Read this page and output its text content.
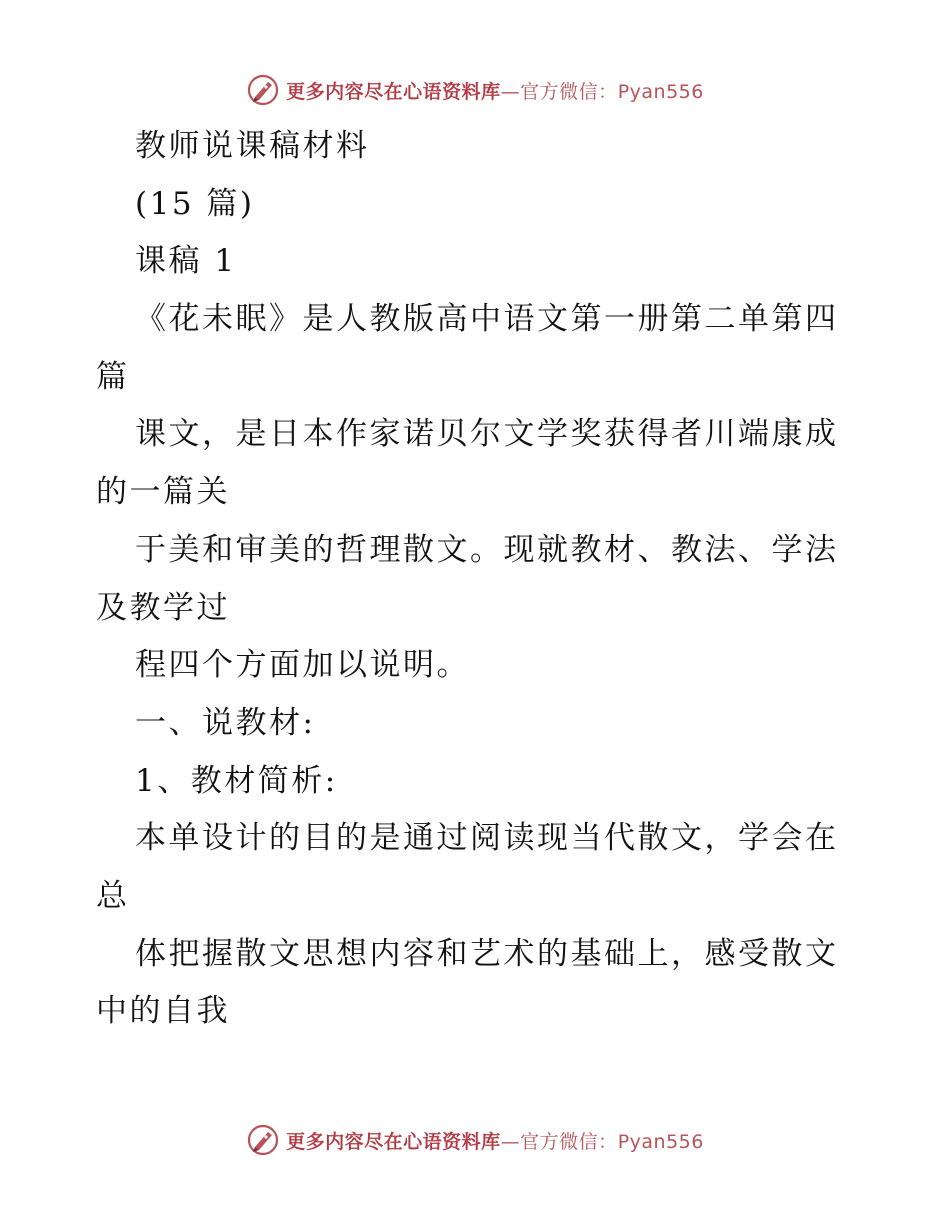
更多内容尽在心语资料库—官方微信：Pyan556
教师说课稿材料
(15 篇)
课稿 1
《花未眠》是人教版高中语文第一册第二单第四
篇
课文，是日本作家诺贝尔文学奖获得者川端康成
的一篇关
于美和审美的哲理散文。现就教材、教法、学法
及教学过
程四个方面加以说明。
一、说教材:
1、教材简析:
本单设计的目的是通过阅读现当代散文，学会在
总
体把握散文思想内容和艺术的基础上，感受散文
中的自我
更多内容尽在心语资料库—官方微信：Pyan556
